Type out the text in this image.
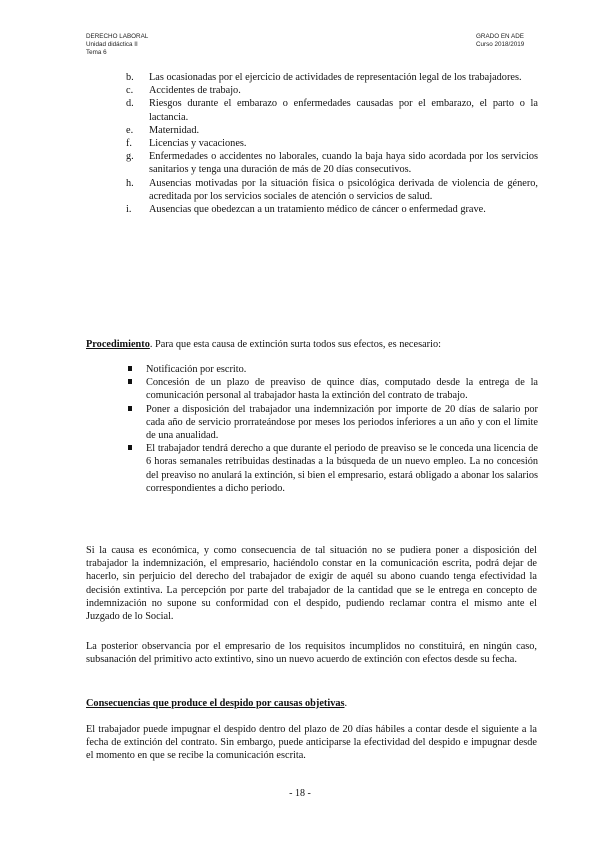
DERECHO LABORAL
Unidad didáctica II
Tema 6
GRADO EN ADE
Curso 2018/2019
b. Las ocasionadas por el ejercicio de actividades de representación legal de los trabajadores.
c. Accidentes de trabajo.
d. Riesgos durante el embarazo o enfermedades causadas por el embarazo, el parto o la lactancia.
e. Maternidad.
f. Licencias y vacaciones.
g. Enfermedades o accidentes no laborales, cuando la baja haya sido acordada por los servicios sanitarios y tenga una duración de más de 20 días consecutivos.
h. Ausencias motivadas por la situación física o psicológica derivada de violencia de género, acreditada por los servicios sociales de atención o servicios de salud.
i. Ausencias que obedezcan a un tratamiento médico de cáncer o enfermedad grave.

Procedimiento. Para que esta causa de extinción surta todos sus efectos, es necesario:

Notificación por escrito.
Concesión de un plazo de preaviso de quince días, computado desde la entrega de la comunicación personal al trabajador hasta la extinción del contrato de trabajo.
Poner a disposición del trabajador una indemnización por importe de 20 días de salario por cada año de servicio prorrateándose por meses los periodos inferiores a un año y con el límite de una anualidad.
El trabajador tendrá derecho a que durante el periodo de preaviso se le conceda una licencia de 6 horas semanales retribuidas destinadas a la búsqueda de un nuevo empleo. La no concesión del preaviso no anulará la extinción, si bien el empresario, estará obligado a abonar los salarios correspondientes a dicho periodo.

Si la causa es económica, y como consecuencia de tal situación no se pudiera poner a disposición del trabajador la indemnización, el empresario, haciéndolo constar en la comunicación escrita, podrá dejar de hacerlo, sin perjuicio del derecho del trabajador de exigir de aquél su abono cuando tenga efectividad la decisión extintiva. La percepción por parte del trabajador de la cantidad que se le entrega en concepto de indemnización no supone su conformidad con el despido, pudiendo reclamar contra el mismo ante el Juzgado de lo Social.

La posterior observancia por el empresario de los requisitos incumplidos no constituirá, en ningún caso, subsanación del primitivo acto extintivo, sino un nuevo acuerdo de extinción con efectos desde su fecha.

Consecuencias que produce el despido por causas objetivas.

El trabajador puede impugnar el despido dentro del plazo de 20 días hábiles a contar desde el siguiente a la fecha de extinción del contrato. Sin embargo, puede anticiparse la efectividad del despido e impugnar desde el momento en que se recibe la comunicación escrita.

- 18 -
